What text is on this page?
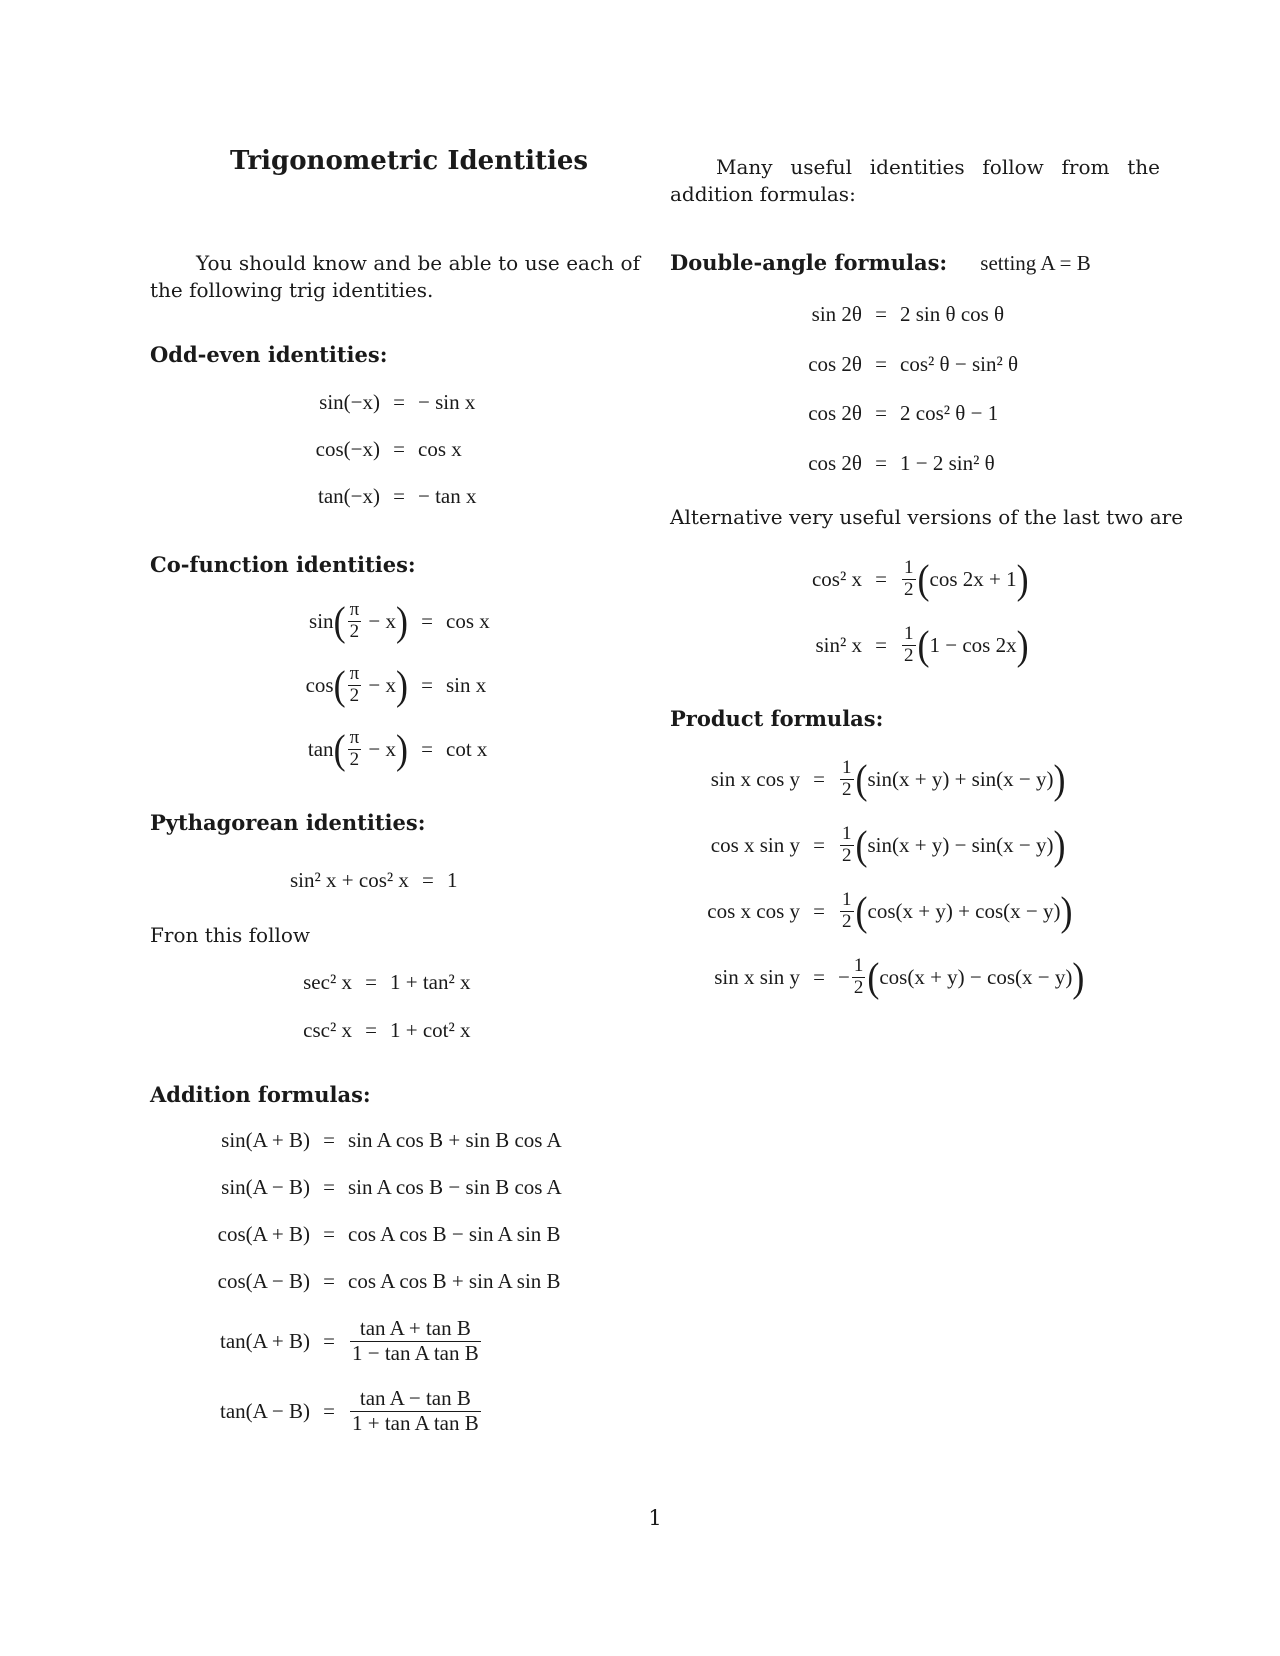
Trigonometric Identities
You should know and be able to use each of the following trig identities.
Odd-even identities:
sin(−x) = − sin x
cos(−x) = cos x
tan(−x) = − tan x
Co-function identities:
sin ( $\frac{\pi}{2}$
− x ) = cos x
cos ( $\frac{\pi}{2}$
− x ) = sin x
tan ( $\frac{\pi}{2}$
− x ) = cot x
Pythagorean identities:
sin² x + cos² x = 1
Fron this follow
sec² x = 1 + tan² x
csc² x = 1 + cot² x
Addition formulas:
sin(A + B) = sin A cos B + sin B cos A
sin(A − B) = sin A cos B − sin B cos A
cos(A + B) = cos A cos B − sin A sin B
cos(A − B) = cos A cos B + sin A sin B
$\tan(A + B) = \frac{\text{tan A + tan B}}{\text{1 − tan A tan B}}$
$\tan(A - B) = \frac{\text{tan A − tan B}}{\text{1 + tan A tan B}}$
Many useful identities follow from the addition formulas:
Double-angle formulas: setting A = B
sin 2θ = 2 sin θ cos θ
cos 2θ = cos² θ − sin² θ
cos 2θ = 2 cos² θ − 1
cos 2θ = 1 − 2 sin² θ
Alternative very useful versions of the last two are
cos² $x = \frac{1}{2}$ ( cos 2x + 1 )
sin² $x = \frac{1}{2}$ ( 1 − cos 2x )
Product formulas:
sin x $\cos y = \frac{1}{2}$ ( sin(x + y) + sin(x − y) )
cos x $\sin y = \frac{1}{2}$ ( sin(x + y) − sin(x − y) )
cos x $\cos y = \frac{1}{2}$ ( cos(x + y) + cos(x − y) )
sin x sin y = − $\frac{1}{2}$ ( cos(x + y) − cos(x − y) )
1
